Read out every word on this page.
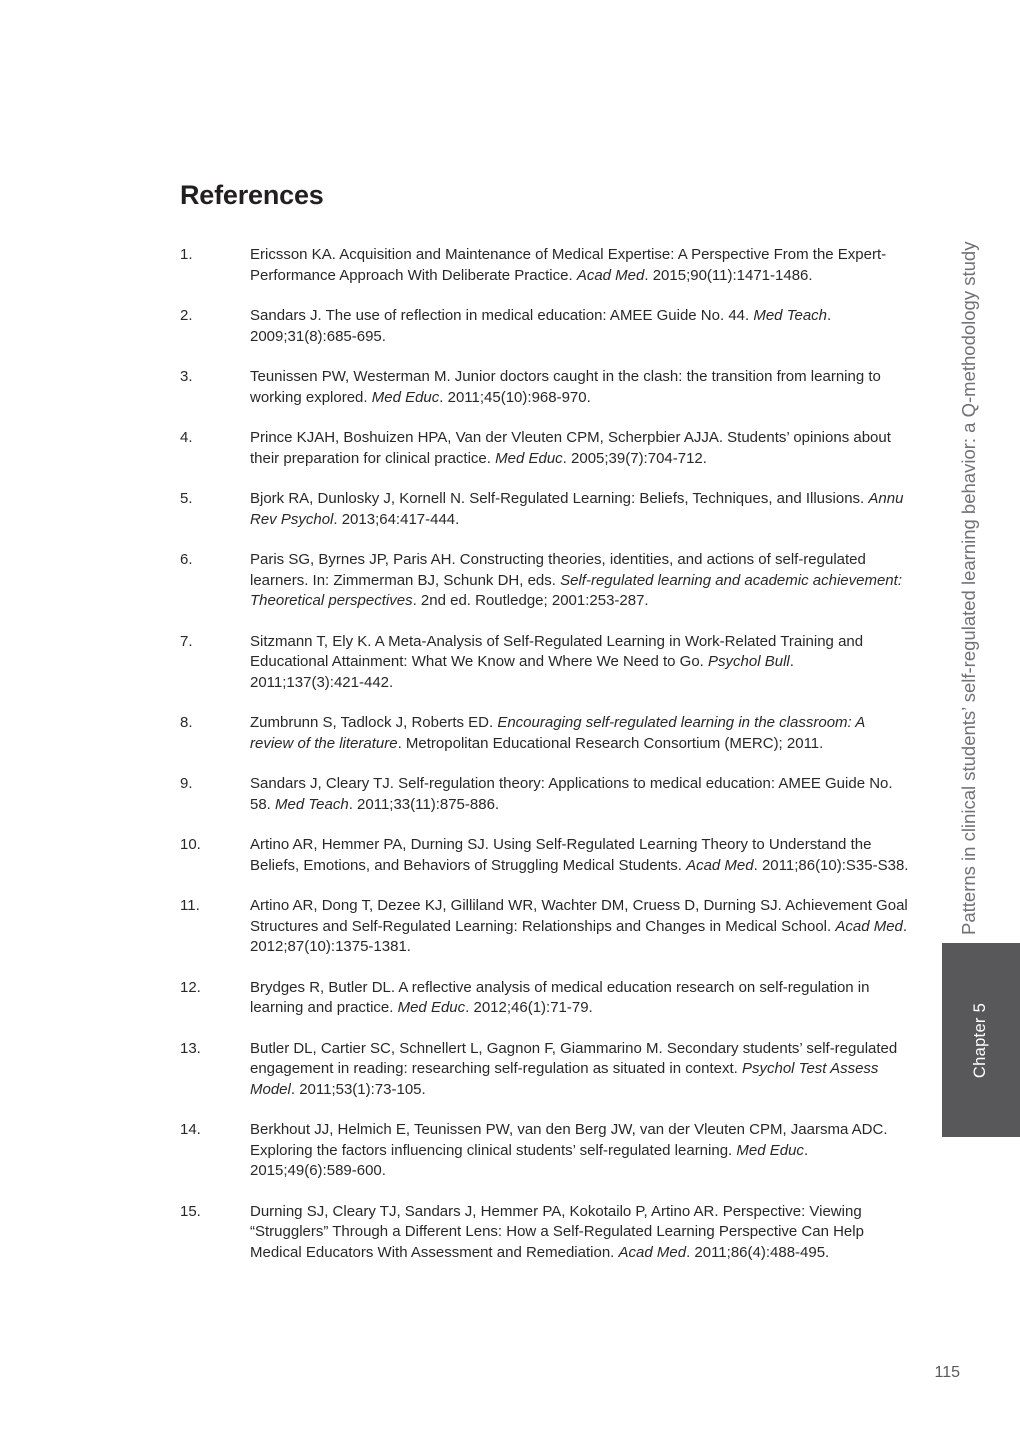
References
1.	Ericsson KA. Acquisition and Maintenance of Medical Expertise: A Perspective From the Expert-Performance Approach With Deliberate Practice. Acad Med. 2015;90(11):1471-1486.
2.	Sandars J. The use of reflection in medical education: AMEE Guide No. 44. Med Teach. 2009;31(8):685-695.
3.	Teunissen PW, Westerman M. Junior doctors caught in the clash: the transition from learning to working explored. Med Educ. 2011;45(10):968-970.
4.	Prince KJAH, Boshuizen HPA, Van der Vleuten CPM, Scherpbier AJJA. Students’ opinions about their preparation for clinical practice. Med Educ. 2005;39(7):704-712.
5.	Bjork RA, Dunlosky J, Kornell N. Self-Regulated Learning: Beliefs, Techniques, and Illusions. Annu Rev Psychol. 2013;64:417-444.
6.	Paris SG, Byrnes JP, Paris AH. Constructing theories, identities, and actions of self-regulated learners. In: Zimmerman BJ, Schunk DH, eds. Self-regulated learning and academic achievement: Theoretical perspectives. 2nd ed. Routledge; 2001:253-287.
7.	Sitzmann T, Ely K. A Meta-Analysis of Self-Regulated Learning in Work-Related Training and Educational Attainment: What We Know and Where We Need to Go. Psychol Bull. 2011;137(3):421-442.
8.	Zumbrunn S, Tadlock J, Roberts ED. Encouraging self-regulated learning in the classroom: A review of the literature. Metropolitan Educational Research Consortium (MERC); 2011.
9.	Sandars J, Cleary TJ. Self-regulation theory: Applications to medical education: AMEE Guide No. 58. Med Teach. 2011;33(11):875-886.
10.	Artino AR, Hemmer PA, Durning SJ. Using Self-Regulated Learning Theory to Understand the Beliefs, Emotions, and Behaviors of Struggling Medical Students. Acad Med. 2011;86(10):S35-S38.
11.	Artino AR, Dong T, Dezee KJ, Gilliland WR, Wachter DM, Cruess D, Durning SJ. Achievement Goal Structures and Self-Regulated Learning: Relationships and Changes in Medical School. Acad Med. 2012;87(10):1375-1381.
12.	Brydges R, Butler DL. A reflective analysis of medical education research on self-regulation in learning and practice. Med Educ. 2012;46(1):71-79.
13.	Butler DL, Cartier SC, Schnellert L, Gagnon F, Giammarino M. Secondary students’ self-regulated engagement in reading: researching self-regulation as situated in context. Psychol Test Assess Model. 2011;53(1):73-105.
14.	Berkhout JJ, Helmich E, Teunissen PW, van den Berg JW, van der Vleuten CPM, Jaarsma ADC. Exploring the factors influencing clinical students’ self-regulated learning. Med Educ. 2015;49(6):589-600.
15.	Durning SJ, Cleary TJ, Sandars J, Hemmer PA, Kokotailo P, Artino AR. Perspective: Viewing “Strugglers” Through a Different Lens: How a Self-Regulated Learning Perspective Can Help Medical Educators With Assessment and Remediation. Acad Med. 2011;86(4):488-495.
Patterns in clinical students’ self-regulated learning behavior: a Q-methodology study
Chapter 5
115
